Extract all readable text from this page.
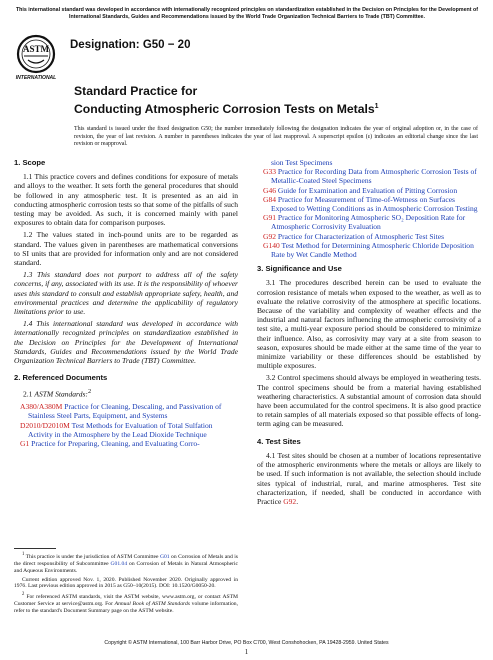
This international standard was developed in accordance with internationally recognized principles on standardization established in the Decision on Principles for the Development of International Standards, Guides and Recommendations issued by the World Trade Organization Technical Barriers to Trade (TBT) Committee.
ASTM
INTERNATIONAL
Designation: G50 − 20
Standard Practice for
Conducting Atmospheric Corrosion Tests on Metals$^1$
This standard is issued under the fixed designation G50; the number immediately following the designation indicates the year of original adoption or, in the case of revision, the year of last revision. A number in parentheses indicates the year of last reapproval. A superscript epsilon (ε) indicates an editorial change since the last revision or reapproval.
1. Scope

1.1 This practice covers and defines conditions for exposure of metals and alloys to the weather. It sets forth the general procedures that should be followed in any atmospheric test. It is presented as an aid in conducting atmospheric corrosion tests so that some of the pitfalls of such testing may be avoided. As such, it is concerned mainly with panel exposures to obtain data for comparison purposes.

1.2 The values stated in inch-pound units are to be regarded as standard. The values given in parentheses are mathematical conversions to SI units that are provided for information only and are not considered standard.

1.3 This standard does not purport to address all of the safety concerns, if any, associated with its use. It is the responsibility of whoever uses this standard to consult and establish appropriate safety, health, and environmental practices and determine the applicability of regulatory limitations prior to use.

1.4 This international standard was developed in accordance with internationally recognized principles on standardization established in the Decision on Principles for the Development of International Standards, Guides and Recommendations issued by the World Trade Organization Technical Barriers to Trade (TBT) Committee.

2. Referenced Documents

2.1 ASTM Standards:$^2$

A380/A380M Practice for Cleaning, Descaling, and Passivation of Stainless Steel Parts, Equipment, and Systems
D2010/D2010M Test Methods for Evaluation of Total Sulfation Activity in the Atmosphere by the Lead Dioxide Technique
G1 Practice for Preparing, Cleaning, and Evaluating Corro-

$^1$ This practice is under the jurisdiction of ASTM Committee G01 on Corrosion of Metals and is the direct responsibility of Subcommittee G01.04 on Corrosion of Metals in Natural Atmospheric and Aqueous Environments.

Current edition approved Nov. 1, 2020. Published November 2020. Originally approved in 1976. Last previous edition approved in 2015 as G50–10(2015). DOI: 10.1520/G0050-20.

$^2$ For referenced ASTM standards, visit the ASTM website, www.astm.org, or contact ASTM Customer Service at service@astm.org. For Annual Book of ASTM Standards volume information, refer to the standard's Document Summary page on the ASTM website.

sion Test Specimens
G33 Practice for Recording Data from Atmospheric Corrosion Tests of Metallic-Coated Steel Specimens
G46 Guide for Examination and Evaluation of Pitting Corrosion
G84 Practice for Measurement of Time-of-Wetness on Surfaces Exposed to Wetting Conditions as in Atmospheric Corrosion Testing
G91 Practice for Monitoring Atmospheric SO₂ Deposition Rate for Atmospheric Corrosivity Evaluation
G92 Practice for Characterization of Atmospheric Test Sites
G140 Test Method for Determining Atmospheric Chloride Deposition Rate by Wet Candle Method
3. Significance and Use

3.1 The procedures described herein can be used to evaluate the corrosion resistance of metals when exposed to the weather, as well as to evaluate the relative corrosivity of the atmosphere at specific locations. Because of the variability and complexity of weather effects and the industrial and natural factors influencing the atmospheric corrosivity of a test site, a multi-year exposure period should be considered to minimize their influence. Also, as corrosivity may vary at a site from season to season, exposures should be made either at the same time of the year to minimize variability or these differences should be established by multiple exposures.

3.2 Control specimens should always be employed in weathering tests. The control specimens should be from a material having established weathering characteristics. A substantial amount of corrosion data should have been accumulated for the control specimens. It is also good practice to retain samples of all materials exposed so that possible effects of long-term aging can be measured.

4. Test Sites

4.1 Test sites should be chosen at a number of locations representative of the atmospheric environments where the metals or alloys are likely to be used. If such information is not available, the selection should include sites typical of industrial, rural, and marine atmospheres. Test site characterization, if needed, shall be conducted in accordance with Practice G92.

Copyright © ASTM International, 100 Barr Harbor Drive, PO Box C700, West Conshohocken, PA 19428-2959. United States
1
